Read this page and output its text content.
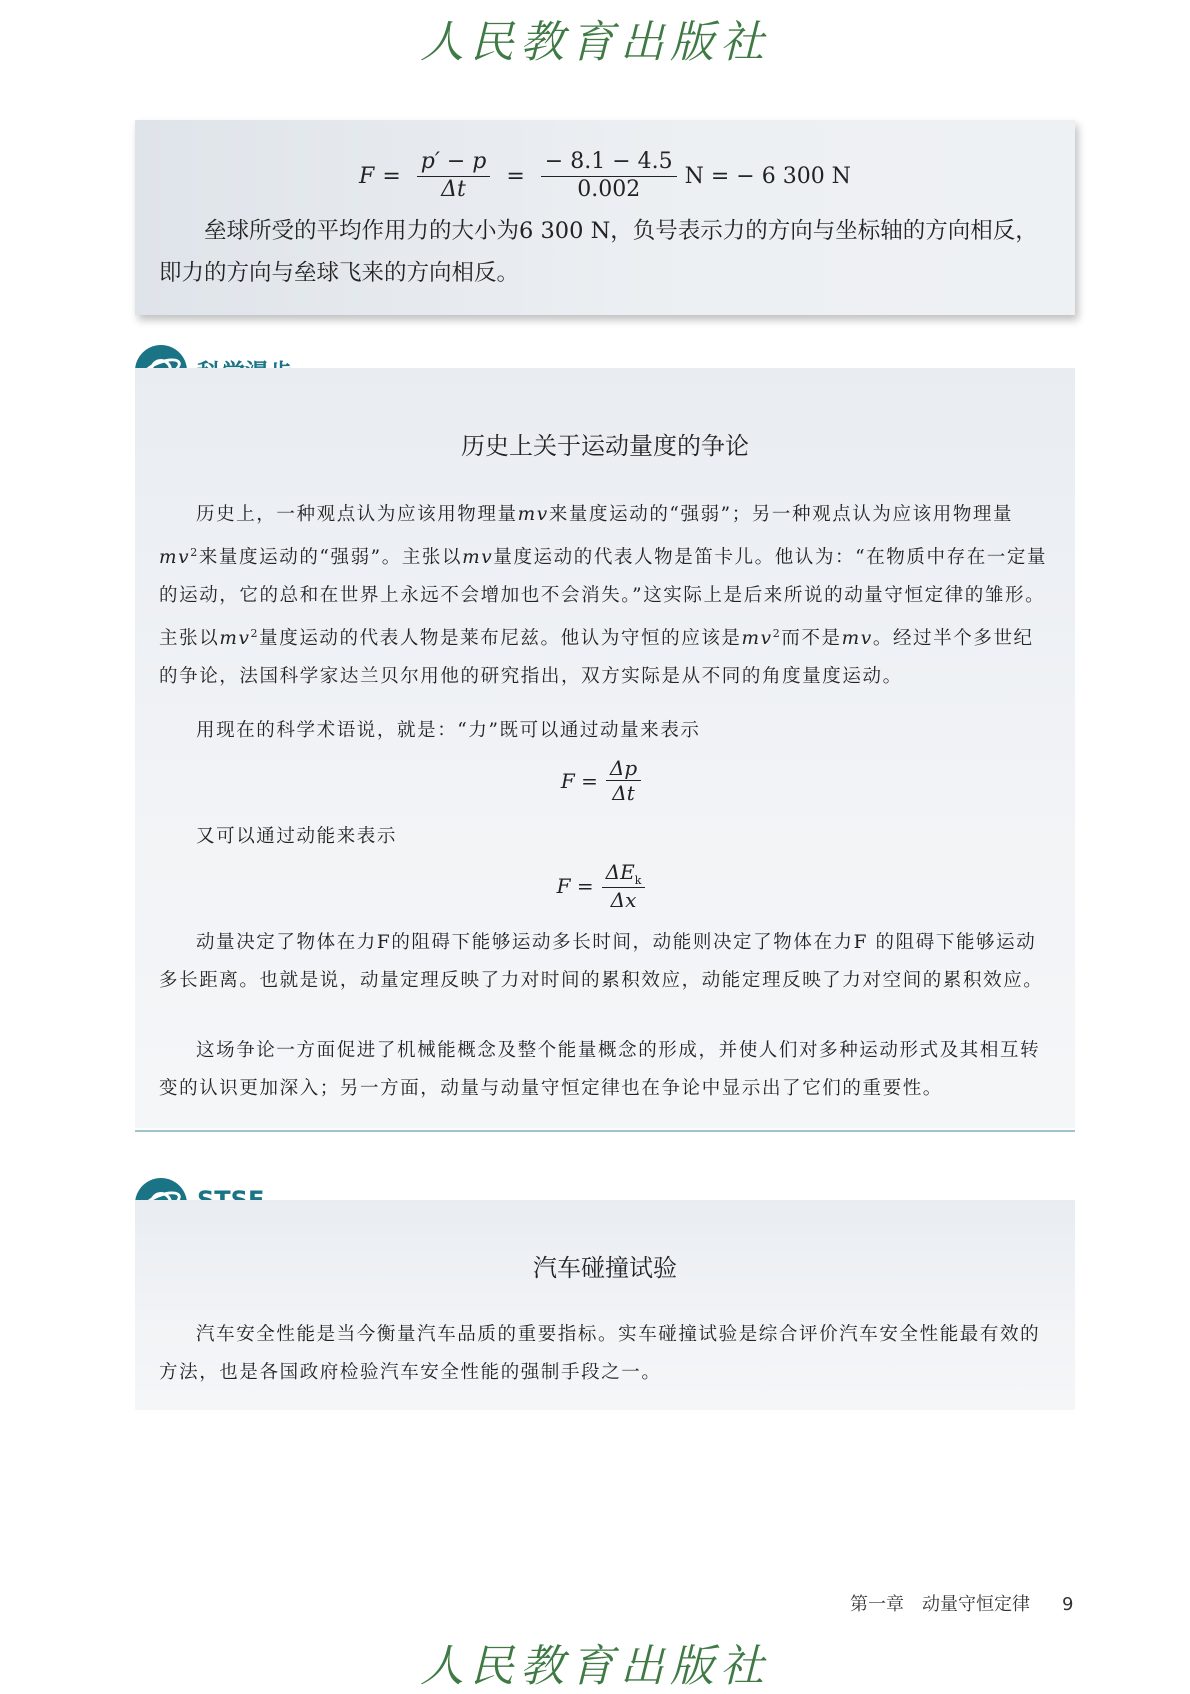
人民教育出版社
$F = \frac{p' - p}{\Delta t} = \frac{- 8.1 - 4.5}{0.002}$ N = − 6 300 N

垒球所受的平均作用力的大小为6 300 N，负号表示力的方向与坐标轴的方向相反，即力的方向与垒球飞来的方向相反。

历史上关于运动量度的争论

历史上，一种观点认为应该用物理量mv来量度运动的“强弱”；另一种观点认为应该用物理量$mv^2$来量度运动的“强弱”。主张以mv量度运动的代表人物是笛卡儿。他认为：“在物质中存在一定量的运动，它的总和在世界上永远不会增加也不会消失。”这实际上是后来所说的动量守恒定律的雏形。主张以$mv^2$量度运动的代表人物是莱布尼兹。他认为守恒的应该是$mv^2$而不是mv。经过半个多世纪的争论，法国科学家达兰贝尔用他的研究指出，双方实际是从不同的角度量度运动。

用现在的科学术语说，就是：“力”既可以通过动量来表示

$F = \frac{\Delta p}{\Delta t}$

又可以通过动能来表示

$F = \frac{\Delta E_k}{\Delta x}$

动量决定了物体在力F的阻碍下能够运动多长时间，动能则决定了物体在力F 的阻碍下能够运动多长距离。也就是说，动量定理反映了力对时间的累积效应，动能定理反映了力对空间的累积效应。

这场争论一方面促进了机械能概念及整个能量概念的形成，并使人们对多种运动形式及其相互转变的认识更加深入；另一方面，动量与动量守恒定律也在争论中显示出了它们的重要性。

汽车碰撞试验

汽车安全性能是当今衡量汽车品质的重要指标。实车碰撞试验是综合评价汽车安全性能最有效的方法，也是各国政府检验汽车安全性能的强制手段之一。

第一章　动量守恒定律 9
人民教育出版社
